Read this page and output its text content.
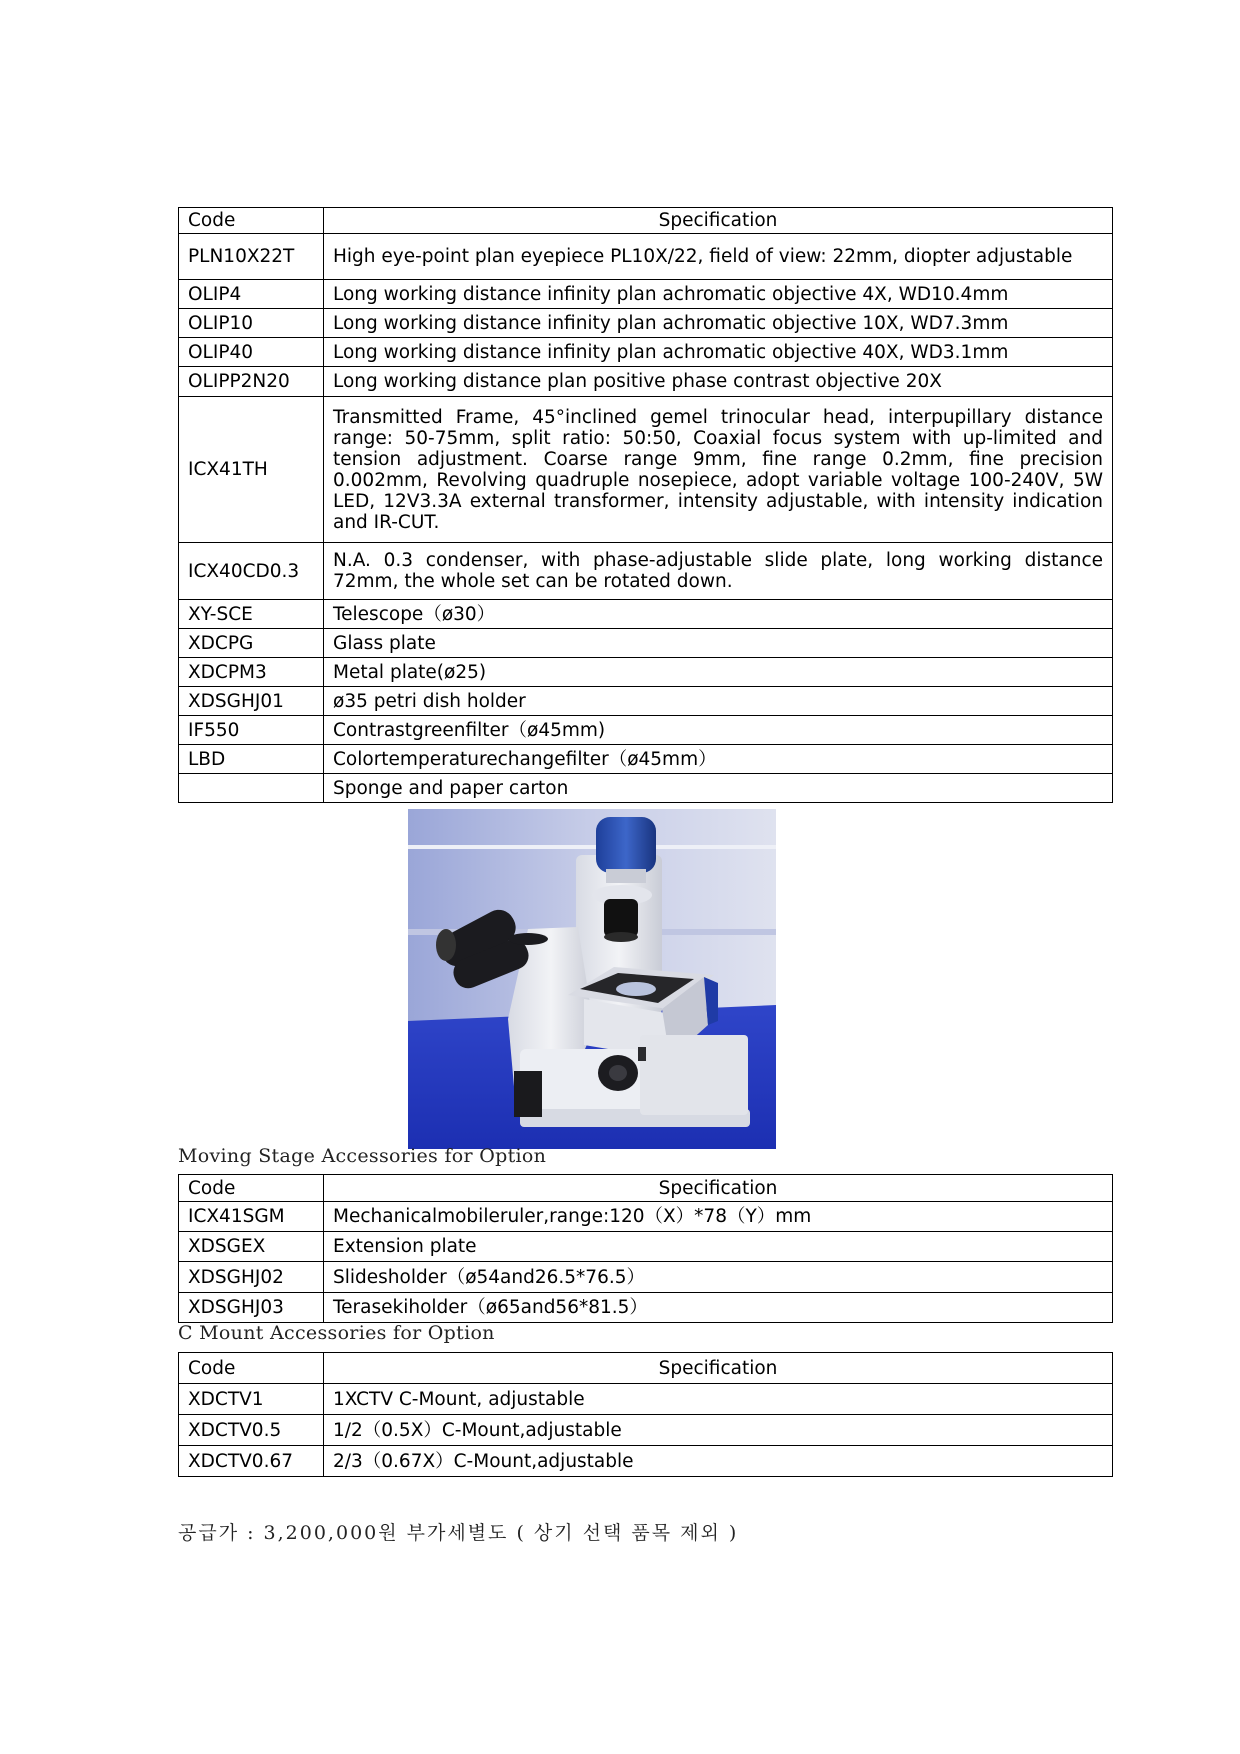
Code	Specification
PLN10X22T	High eye-point plan eyepiece PL10X/22, field of view: 22mm, diopter adjustable
OLIP4	Long working distance infinity plan achromatic objective 4X, WD10.4mm
OLIP10	Long working distance infinity plan achromatic objective 10X, WD7.3mm
OLIP40	Long working distance infinity plan achromatic objective 40X, WD3.1mm
OLIPP2N20	Long working distance plan positive phase contrast objective 20X
ICX41TH	Transmitted Frame, 45°inclined gemel trinocular head, interpupillary distance range: 50-75mm, split ratio: 50:50, Coaxial focus system with up-limited and tension adjustment. Coarse range 9mm, fine range 0.2mm, fine precision 0.002mm, Revolving quadruple nosepiece, adopt variable voltage 100-240V, 5W LED, 12V3.3A external transformer, intensity adjustable, with intensity indication and IR-CUT.
ICX40CD0.3	N.A. 0.3 condenser, with phase-adjustable slide plate, long working distance 72mm, the whole set can be rotated down.
XY-SCE	Telescope（ø30）
XDCPG	Glass plate
XDCPM3	Metal plate(ø25)
XDSGHJ01	ø35 petri dish holder
IF550	Contrastgreenfilter（ø45mm)
LBD	Colortemperaturechangefilter（ø45mm）
	Sponge and paper carton
Moving Stage Accessories for Option
Code	Specification
ICX41SGM	Mechanicalmobileruler,range:120（X）*78（Y）mm
XDSGEX	Extension plate
XDSGHJ02	Slidesholder（ø54and26.5*76.5）
XDSGHJ03	Terasekiholder（ø65and56*81.5）
C Mount Accessories for Option
Code	Specification
XDCTV1	1XCTV C-Mount, adjustable
XDCTV0.5	1/2（0.5X）C-Mount,adjustable
XDCTV0.67	2/3（0.67X）C-Mount,adjustable
공급가 : 3,200,000원 부가세별도 ( 상기 선택 품목 제외 )
